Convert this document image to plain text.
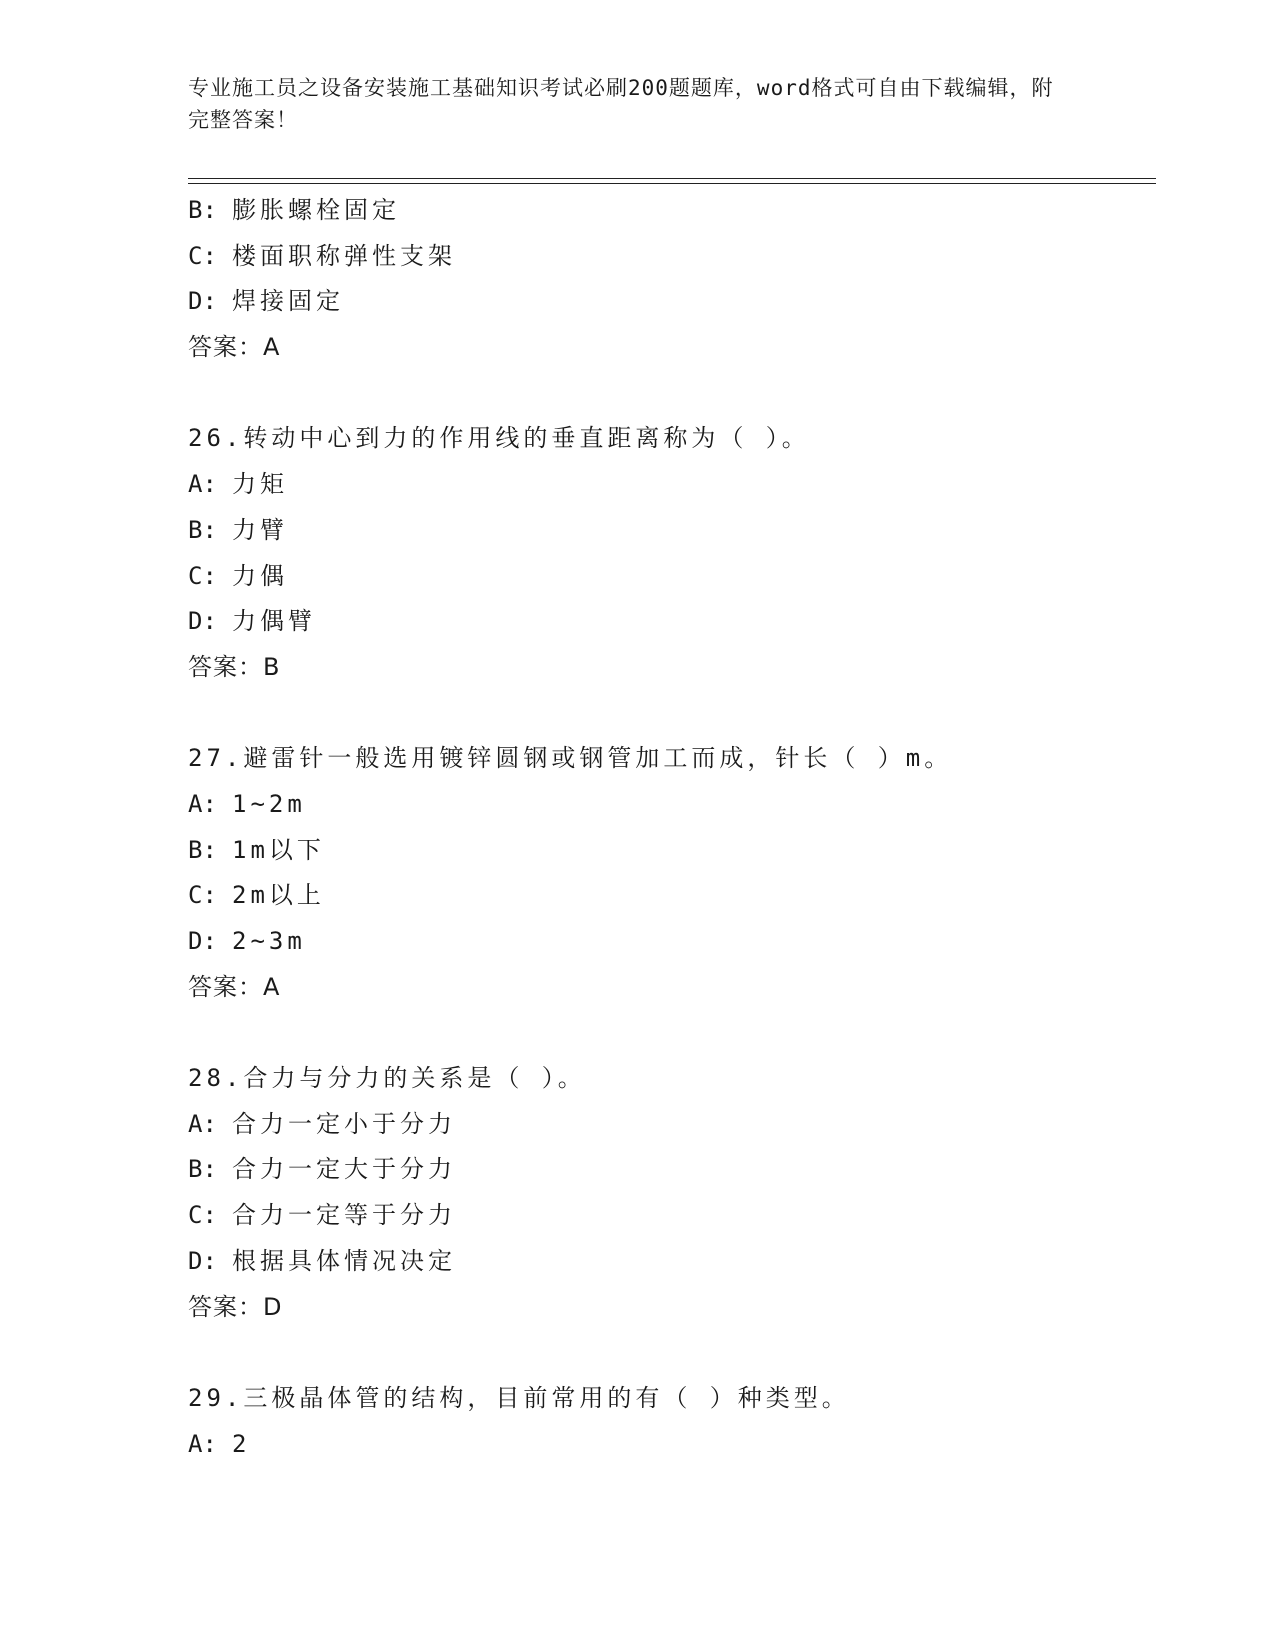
专业施工员之设备安装施工基础知识考试必刷200题题库，word格式可自由下载编辑，附完整答案！
B: 膨胀螺栓固定
C: 楼面职称弹性支架
D: 焊接固定
答案：A
26.转动中心到力的作用线的垂直距离称为（ ）。
A: 力矩
B: 力臂
C: 力偶
D: 力偶臂
答案：B
27.避雷针一般选用镀锌圆钢或钢管加工而成，针长（ ）m。
A: 1~2m
B: 1m以下
C: 2m以上
D: 2~3m
答案：A
28.合力与分力的关系是（ ）。
A: 合力一定小于分力
B: 合力一定大于分力
C: 合力一定等于分力
D: 根据具体情况决定
答案：D
29.三极晶体管的结构，目前常用的有（ ）种类型。
A: 2
